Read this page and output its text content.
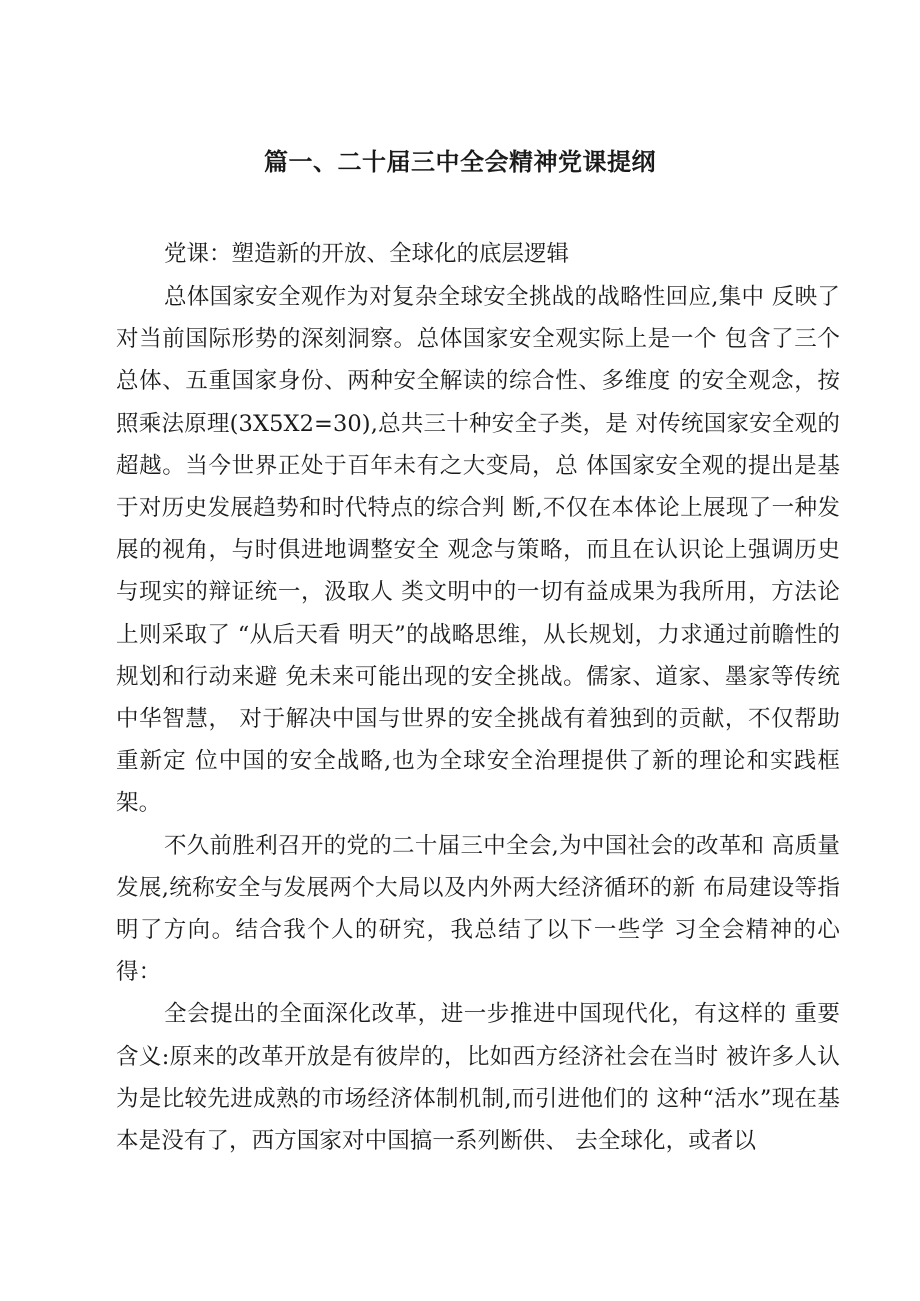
篇一、二十届三中全会精神党课提纲

党课：塑造新的开放、全球化的底层逻辑

总体国家安全观作为对复杂全球安全挑战的战略性回应,集中 反映了对当前国际形势的深刻洞察。总体国家安全观实际上是一个 包含了三个总体、五重国家身份、两种安全解读的综合性、多维度 的安全观念，按照乘法原理(3X5X2=30),总共三十种安全子类，是 对传统国家安全观的超越。当今世界正处于百年未有之大变局，总 体国家安全观的提出是基于对历史发展趋势和时代特点的综合判 断,不仅在本体论上展现了一种发展的视角，与时俱进地调整安全 观念与策略，而且在认识论上强调历史与现实的辩证统一，汲取人 类文明中的一切有益成果为我所用，方法论上则采取了 “从后天看 明天”的战略思维，从长规划，力求通过前瞻性的规划和行动来避 免未来可能出现的安全挑战。儒家、道家、墨家等传统中华智慧， 对于解决中国与世界的安全挑战有着独到的贡献，不仅帮助重新定 位中国的安全战略,也为全球安全治理提供了新的理论和实践框架。

不久前胜利召开的党的二十届三中全会,为中国社会的改革和 高质量发展,统称安全与发展两个大局以及内外两大经济循环的新 布局建设等指明了方向。结合我个人的研究，我总结了以下一些学 习全会精神的心得：

全会提出的全面深化改革，进一步推进中国现代化，有这样的 重要含义:原来的改革开放是有彼岸的，比如西方经济社会在当时 被许多人认为是比较先进成熟的市场经济体制机制,而引进他们的 这种“活水”现在基本是没有了，西方国家对中国搞一系列断供、 去全球化，或者以
